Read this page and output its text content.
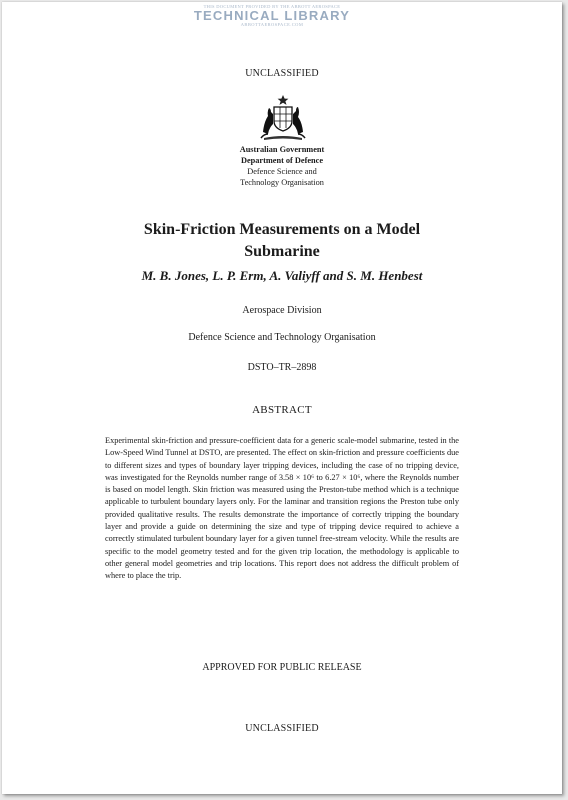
THIS DOCUMENT PROVIDED BY THE ABBOTT AEROSPACE
TECHNICAL LIBRARY
ABBOTTAEROSPACE.COM
UNCLASSIFIED
Australian Government
Department of Defence
Defence Science and
Technology Organisation
Skin-Friction Measurements on a Model
Submarine
M. B. Jones, L. P. Erm, A. Valiyff and S. M. Henbest
Aerospace Division
Defence Science and Technology Organisation
DSTO–TR–2898
ABSTRACT
Experimental skin-friction and pressure-coefficient data for a generic scale-model submarine, tested in the Low-Speed Wind Tunnel at DSTO, are presented. The effect on skin-friction and pressure coefficients due to different sizes and types of boundary layer tripping devices, including the case of no tripping device, was investigated for the Reynolds number range of 3.58 × 10⁶ to 6.27 × 10⁶, where the Reynolds number is based on model length. Skin friction was measured using the Preston-tube method which is a technique applicable to turbulent boundary layers only. For the laminar and transition regions the Preston tube only provided qualitative results. The results demonstrate the importance of correctly tripping the boundary layer and provide a guide on determining the size and type of tripping device required to achieve a correctly stimulated turbulent boundary layer for a given tunnel free-stream velocity. While the results are specific to the model geometry tested and for the given trip location, the methodology is applicable to other general model geometries and trip locations. This report does not address the difficult problem of where to place the trip.
APPROVED FOR PUBLIC RELEASE
UNCLASSIFIED
